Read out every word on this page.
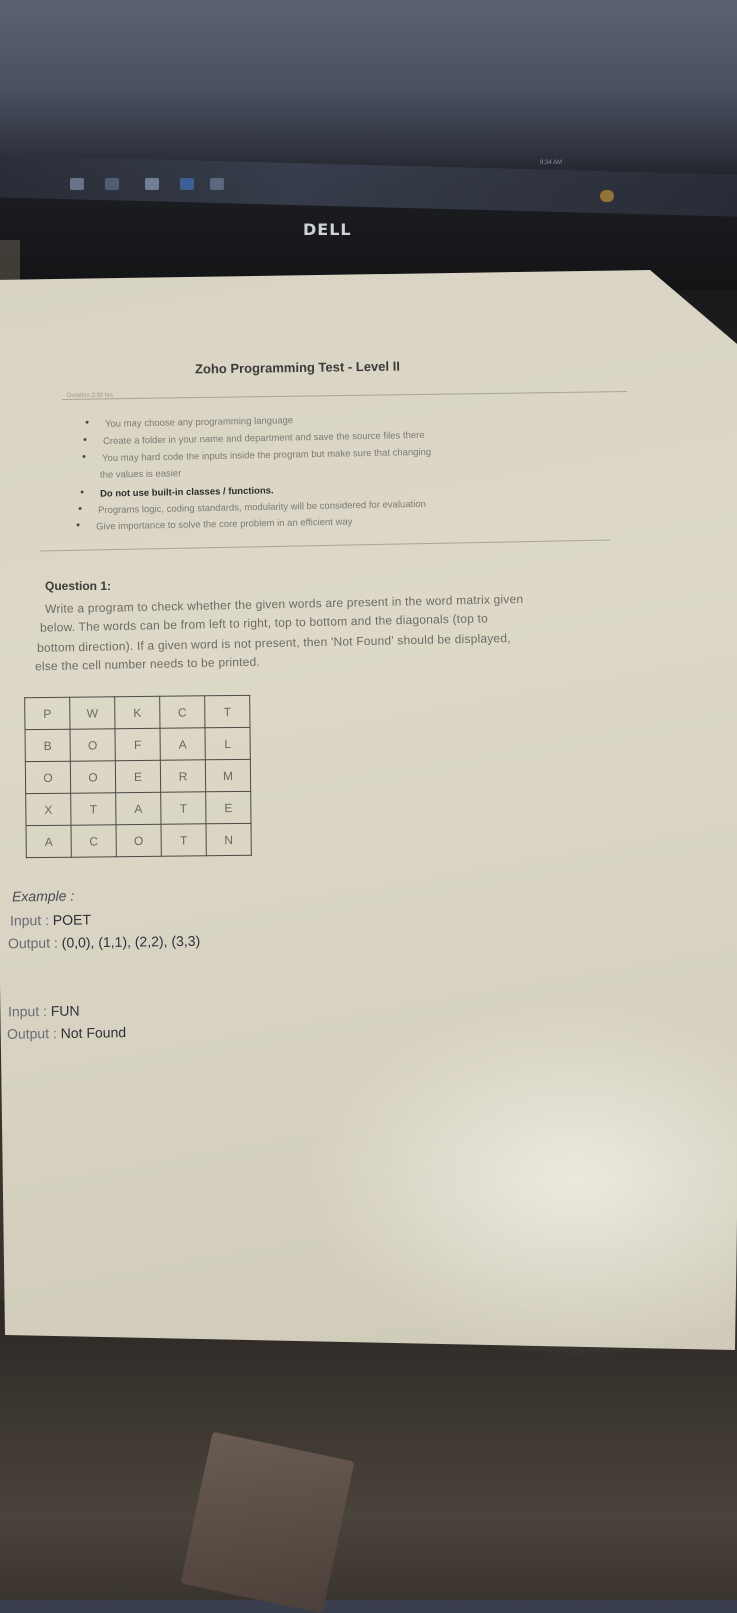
9:34 AM
DELL
Zoho Programming Test - Level II
Duration 2:30 hrs
● You may choose any programming language
● Create a folder in your name and department and save the source files there
● You may hard code the inputs inside the program but make sure that changing
the values is easier
● Do not use built-in classes / functions.
● Programs logic, coding standards, modularity will be considered for evaluation
● Give importance to solve the core problem in an efficient way
Question 1:
Write a program to check whether the given words are present in the word matrix given
below. The words can be from left to right, top to bottom and the diagonals (top to
bottom direction). If a given word is not present, then 'Not Found' should be displayed,
else the cell number needs to be printed.
P	W	K	C	T
B	O	F	A	L
O	O	E	R	M
X	T	A	T	E
A	C	O	T	N
Example :
Input : POET
Output : (0,0), (1,1), (2,2), (3,3)
Input : FUN
Output : Not Found
